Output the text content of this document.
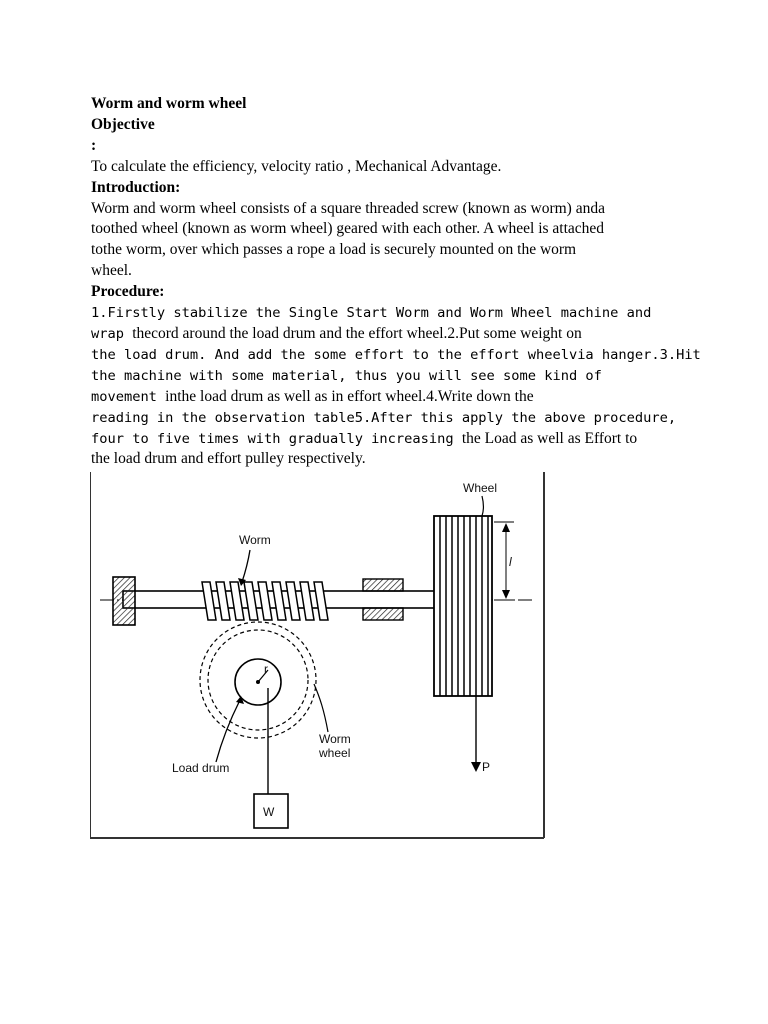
Worm and worm wheel
Objective
:
To calculate the efficiency, velocity ratio , Mechanical Advantage.
Introduction:
Worm and worm wheel consists of a square threaded screw (known as worm) anda
toothed wheel (known as worm wheel) geared with each other. A wheel is attached
tothe worm, over which passes a rope a load is securely mounted on the worm
wheel.
Procedure:
1.Firstly stabilize the Single Start Worm and Worm Wheel machine and
wrap thecord around the load drum and the effort wheel.2.Put some weight on
the load drum. And add the some effort to the effort wheelvia hanger.3.Hit
the machine with some material, thus you will see some kind of
movement inthe load drum as well as in effort wheel.4.Write down the
reading in the observation table5.After this apply the above procedure,
four to five times with gradually increasing the Load as well as Effort to
the load drum and effort pulley respectively.
r
W
P
l
Wheel
Worm
Worm
wheel
Load drum
